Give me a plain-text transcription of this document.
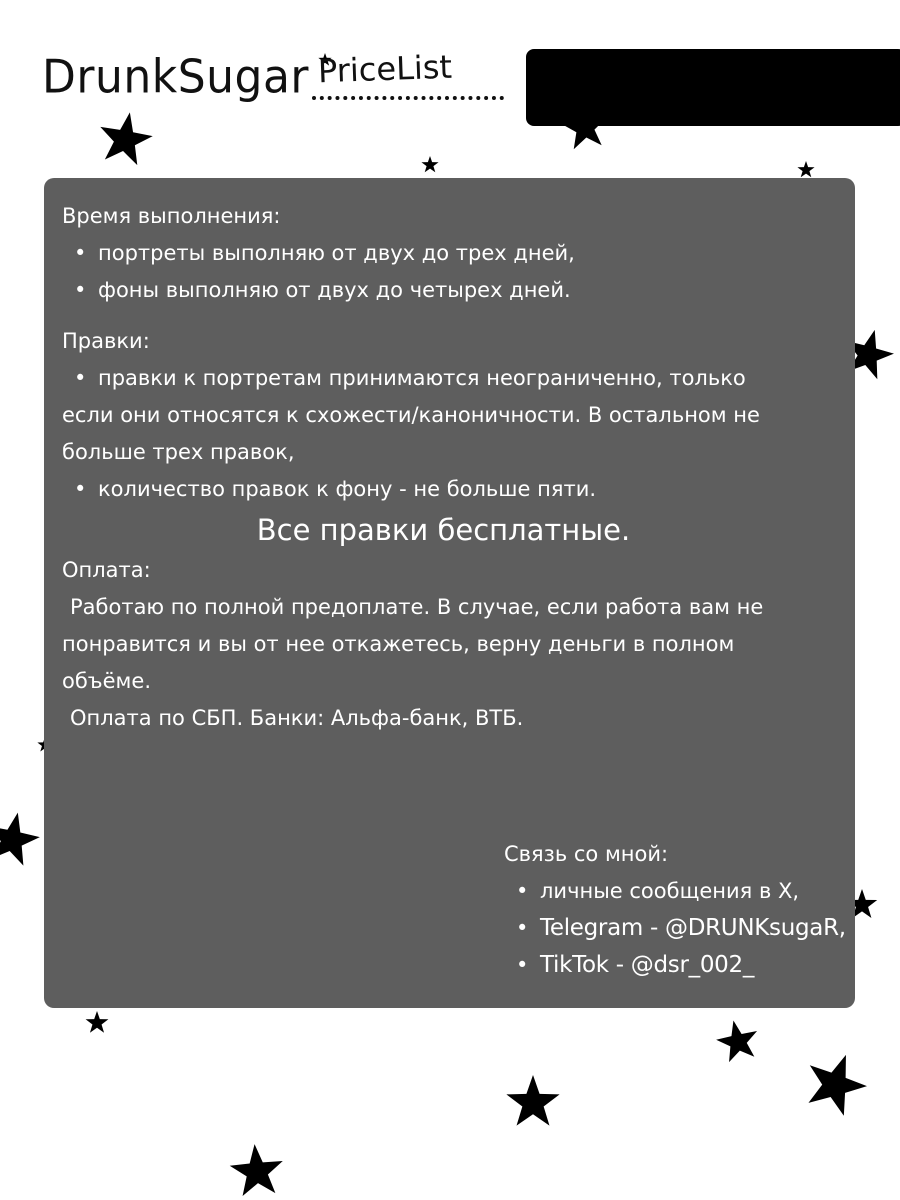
DrunkSugar PriceList

Время выполнения:

• портреты выполняю от двух до трех дней,

• фоны выполняю от двух до четырех дней.

Правки:

• правки к портретам принимаются неограниченно, только

если они относятся к схожести/каноничности. В остальном не

больше трех правок,

• количество правок к фону - не больше пяти.

Все правки бесплатные.

Оплата:

Работаю по полной предоплате. В случае, если работа вам не

понравится и вы от нее откажетесь, верну деньги в полном

объёме.

Оплата по СБП. Банки: Альфа-банк, ВТБ.

Связь со мной:

• личные сообщения в X,

• Telegram - @DRUNKsugaR,

• TikTok - @dsr_002_
